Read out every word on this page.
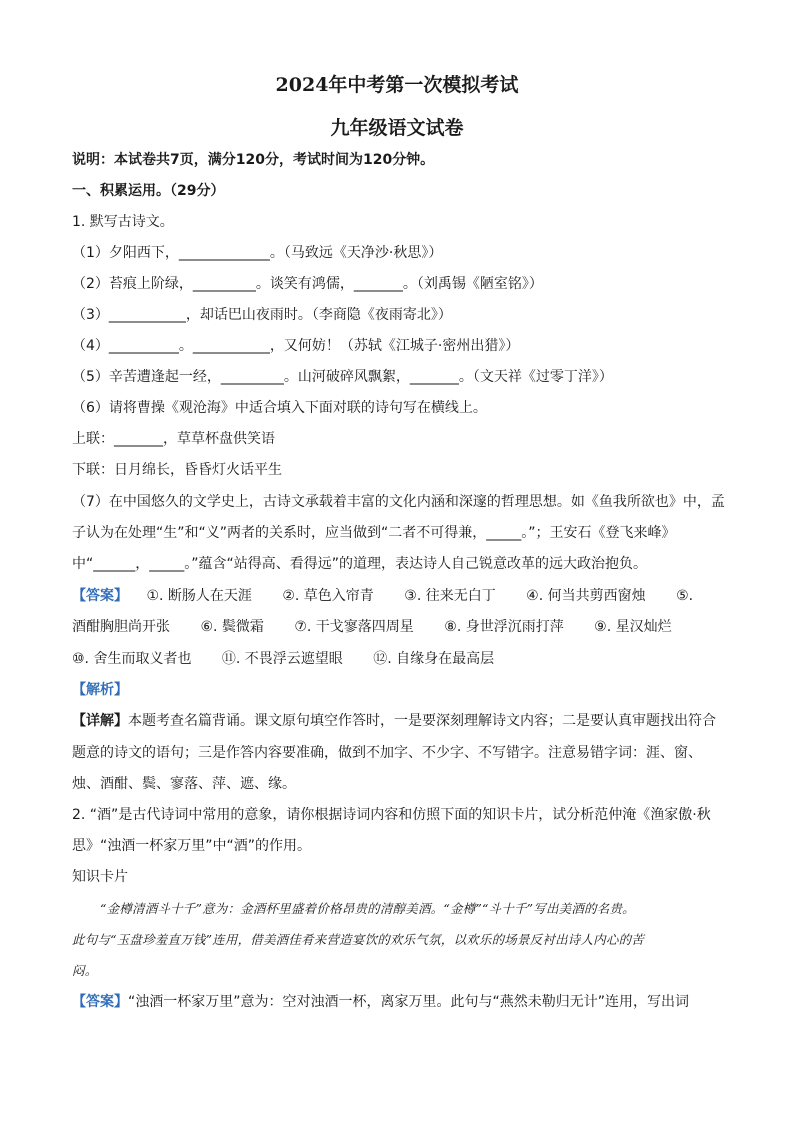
2024年中考第一次模拟考试
九年级语文试卷
说明：本试卷共7页，满分120分，考试时间为120分钟。
一、积累运用。（29分）
1. 默写古诗文。
（1）夕阳西下，_____________。（马致远《天净沙·秋思》）
（2）苔痕上阶绿，_________。谈笑有鸿儒，_______。（刘禹锡《陋室铭》）
（3）___________，却话巴山夜雨时。（李商隐《夜雨寄北》）
（4）__________。___________，又何妨！（苏轼《江城子·密州出猎》）
（5）辛苦遭逢起一经，_________。山河破碎风飘絮，_______。（文天祥《过零丁洋》）
（6）请将曹操《观沧海》中适合填入下面对联的诗句写在横线上。
上联：_______，草草杯盘供笑语
下联：日月绵长，昏昏灯火话平生
（7）在中国悠久的文学史上，古诗文承载着丰富的文化内涵和深邃的哲理思想。如《鱼我所欲也》中，孟
子认为在处理“生”和“义”两者的关系时，应当做到“二者不可得兼，_____。”；王安石《登飞来峰》
中“______，_____。”蕴含“站得高、看得远”的道理，表达诗人自己锐意改革的远大政治抱负。
【答案】 ①. 断肠人在天涯 ②. 草色入帘青 ③. 往来无白丁 ④. 何当共剪西窗烛 ⑤.
酒酣胸胆尚开张 ⑥. 鬓微霜 ⑦. 干戈寥落四周星 ⑧. 身世浮沉雨打萍 ⑨. 星汉灿烂
⑩. 舍生而取义者也 ⑪. 不畏浮云遮望眼 ⑫. 自缘身在最高层
【解析】
【详解】本题考查名篇背诵。课文原句填空作答时，一是要深刻理解诗文内容；二是要认真审题找出符合
题意的诗文的语句；三是作答内容要准确，做到不加字、不少字、不写错字。注意易错字词：涯、窗、
烛、酒酣、鬓、寥落、萍、遮、缘。
2. “酒”是古代诗词中常用的意象，请你根据诗词内容和仿照下面的知识卡片，试分析范仲淹《渔家傲·秋
思》“浊酒一杯家万里”中“酒”的作用。
知识卡片
“金樽清酒斗十千”意为：金酒杯里盛着价格昂贵的清醇美酒。“金樽”“斗十千”写出美酒的名贵。
此句与“玉盘珍羞直万钱”连用，借美酒佳肴来营造宴饮的欢乐气氛，以欢乐的场景反衬出诗人内心的苦
闷。
【答案】“浊酒一杯家万里”意为：空对浊酒一杯，离家万里。此句与“燕然未勒归无计”连用，写出词
